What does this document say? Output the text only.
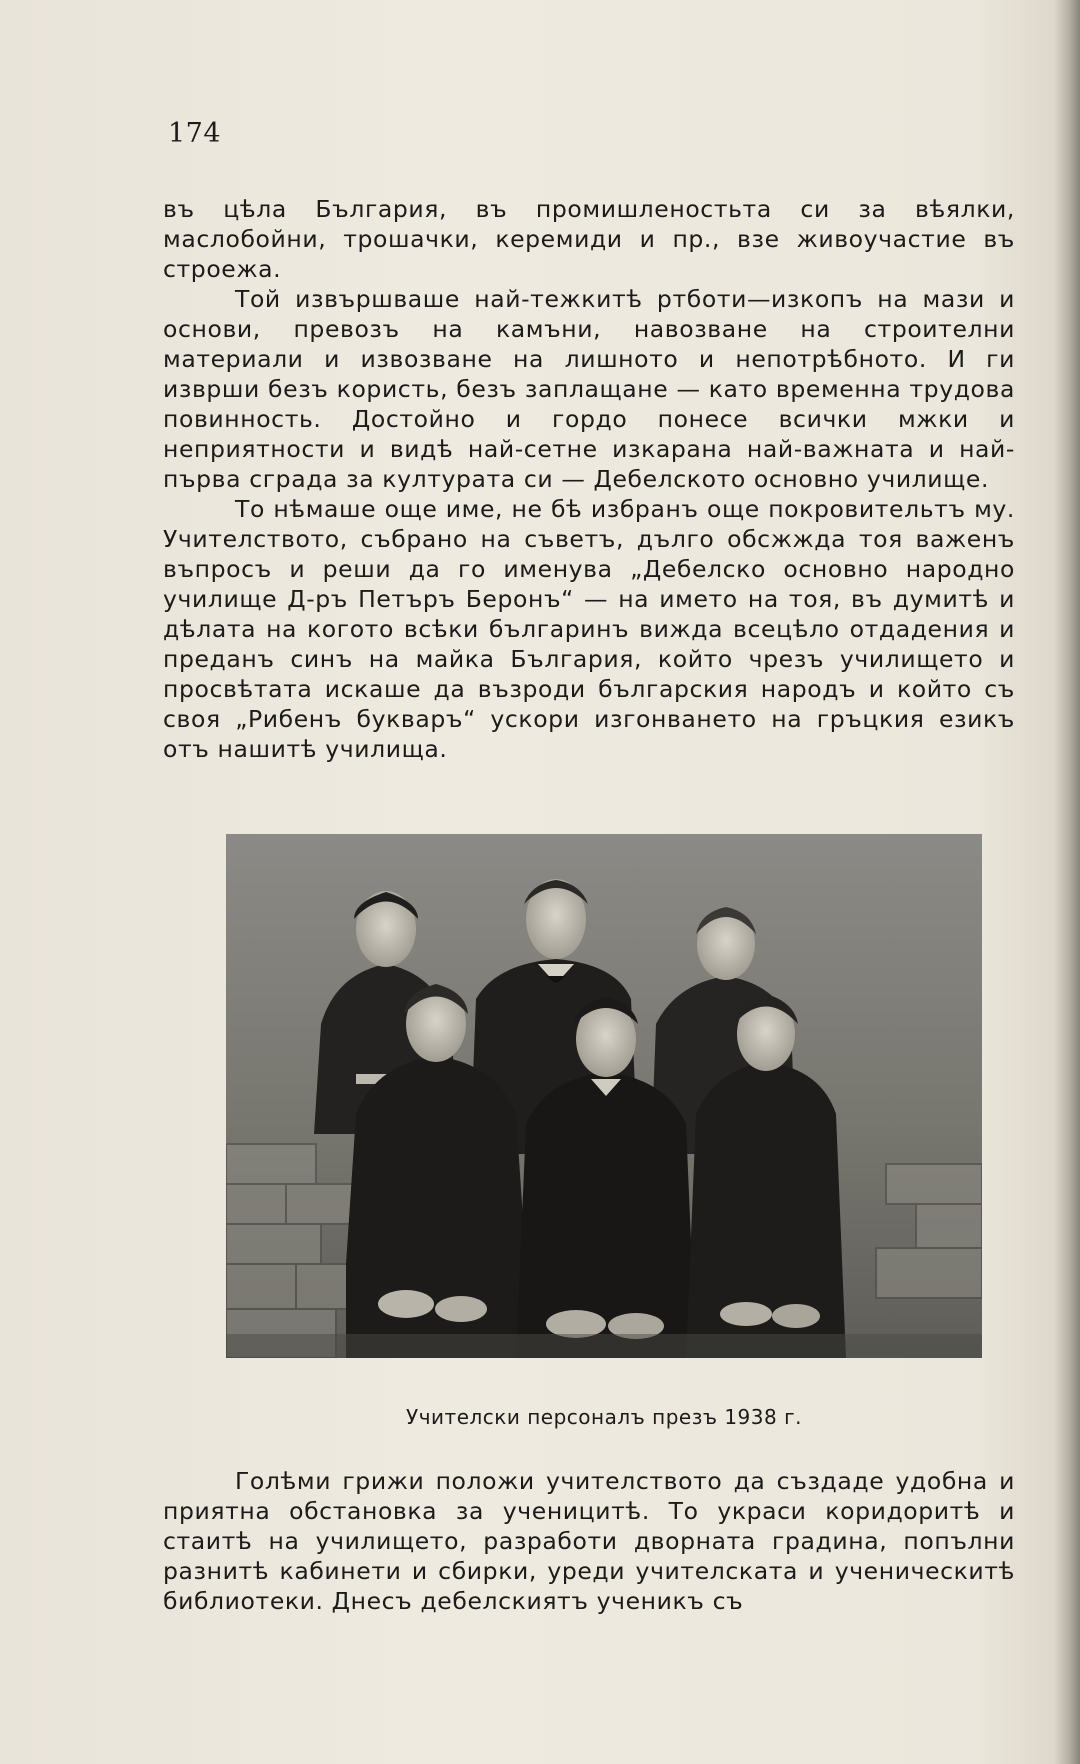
174

въ цѣла България, въ промишленостьта си за вѣялки, маслобойни, трошачки, керемиди и пр., взе живоучастие въ строежа.

Той извършваше най-тежкитѣ ртботи—изкопъ на мази и основи, превозъ на камъни, навозване на строителни материали и извозване на лишното и непотрѣбното. И ги изврши безъ користь, безъ заплащане — като временна трудова повинность. Достойно и гордо понесе всички мжки и неприятности и видѣ най-сетне изкарана най-важната и най-първа сграда за културата си — Дебелското основно училище.

То нѣмаше още име, не бѣ избранъ още покровительтъ му. Учителството, събрано на съветъ, дълго обсжжда тоя важенъ въпросъ и реши да го именува „Дебелско основно народно училище Д-ръ Петъръ Беронъ“ — на името на тоя, въ думитѣ и дѣлата на когото всѣки българинъ вижда всецѣло отдадения и преданъ синъ на майка България, който чрезъ училището и просвѣтата искаше да възроди българския народъ и който съ своя „Рибенъ букваръ“ ускори изгонването на гръцкия езикъ отъ нашитѣ училища.

Учителски персоналъ презъ 1938 г.

Голѣми грижи положи учителството да създаде удобна и приятна обстановка за ученицитѣ. То украси коридоритѣ и стаитѣ на училището, разработи дворната градина, попълни разнитѣ кабинети и сбирки, уреди учителската и ученическитѣ библиотеки. Днесъ дебелскиятъ ученикъ съ
